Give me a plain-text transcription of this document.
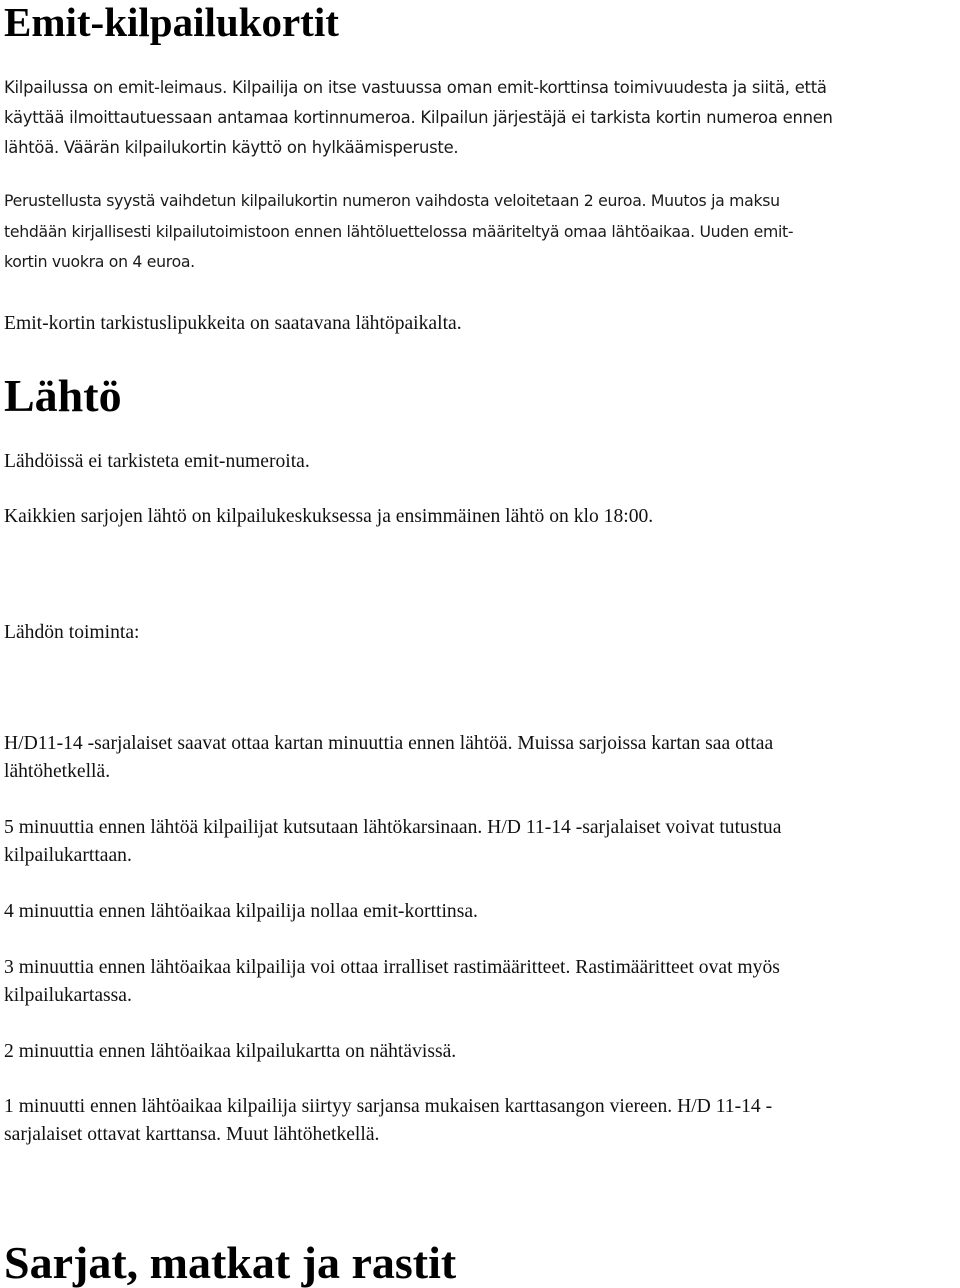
Emit-kilpailukortit

Kilpailussa on emit-leimaus. Kilpailija on itse vastuussa oman emit-korttinsa toimivuudesta ja siitä, että
käyttää ilmoittautuessaan antamaa kortinnumeroa. Kilpailun järjestäjä ei tarkista kortin numeroa ennen
lähtöä. Väärän kilpailukortin käyttö on hylkäämisperuste.

Perustellusta syystä vaihdetun kilpailukortin numeron vaihdosta veloitetaan 2 euroa. Muutos ja maksu
tehdään kirjallisesti kilpailutoimistoon ennen lähtöluettelossa määriteltyä omaa lähtöaikaa. Uuden emit-
kortin vuokra on 4 euroa.

Emit-kortin tarkistuslipukkeita on saatavana lähtöpaikalta.

Lähtö

Lähdöissä ei tarkisteta emit-numeroita.

Kaikkien sarjojen lähtö on kilpailukeskuksessa ja ensimmäinen lähtö on klo 18:00.

Lähdön toiminta:

H/D11-14 -sarjalaiset saavat ottaa kartan minuuttia ennen lähtöä. Muissa sarjoissa kartan saa ottaa
lähtöhetkellä.

5 minuuttia ennen lähtöä kilpailijat kutsutaan lähtökarsinaan. H/D 11-14 -sarjalaiset voivat tutustua
kilpailukarttaan.

4 minuuttia ennen lähtöaikaa kilpailija nollaa emit-korttinsa.

3 minuuttia ennen lähtöaikaa kilpailija voi ottaa irralliset rastimääritteet. Rastimääritteet ovat myös
kilpailukartassa.

2 minuuttia ennen lähtöaikaa kilpailukartta on nähtävissä.

1 minuutti ennen lähtöaikaa kilpailija siirtyy sarjansa mukaisen karttasangon viereen. H/D 11-14 -
sarjalaiset ottavat karttansa. Muut lähtöhetkellä.

Sarjat, matkat ja rastit
